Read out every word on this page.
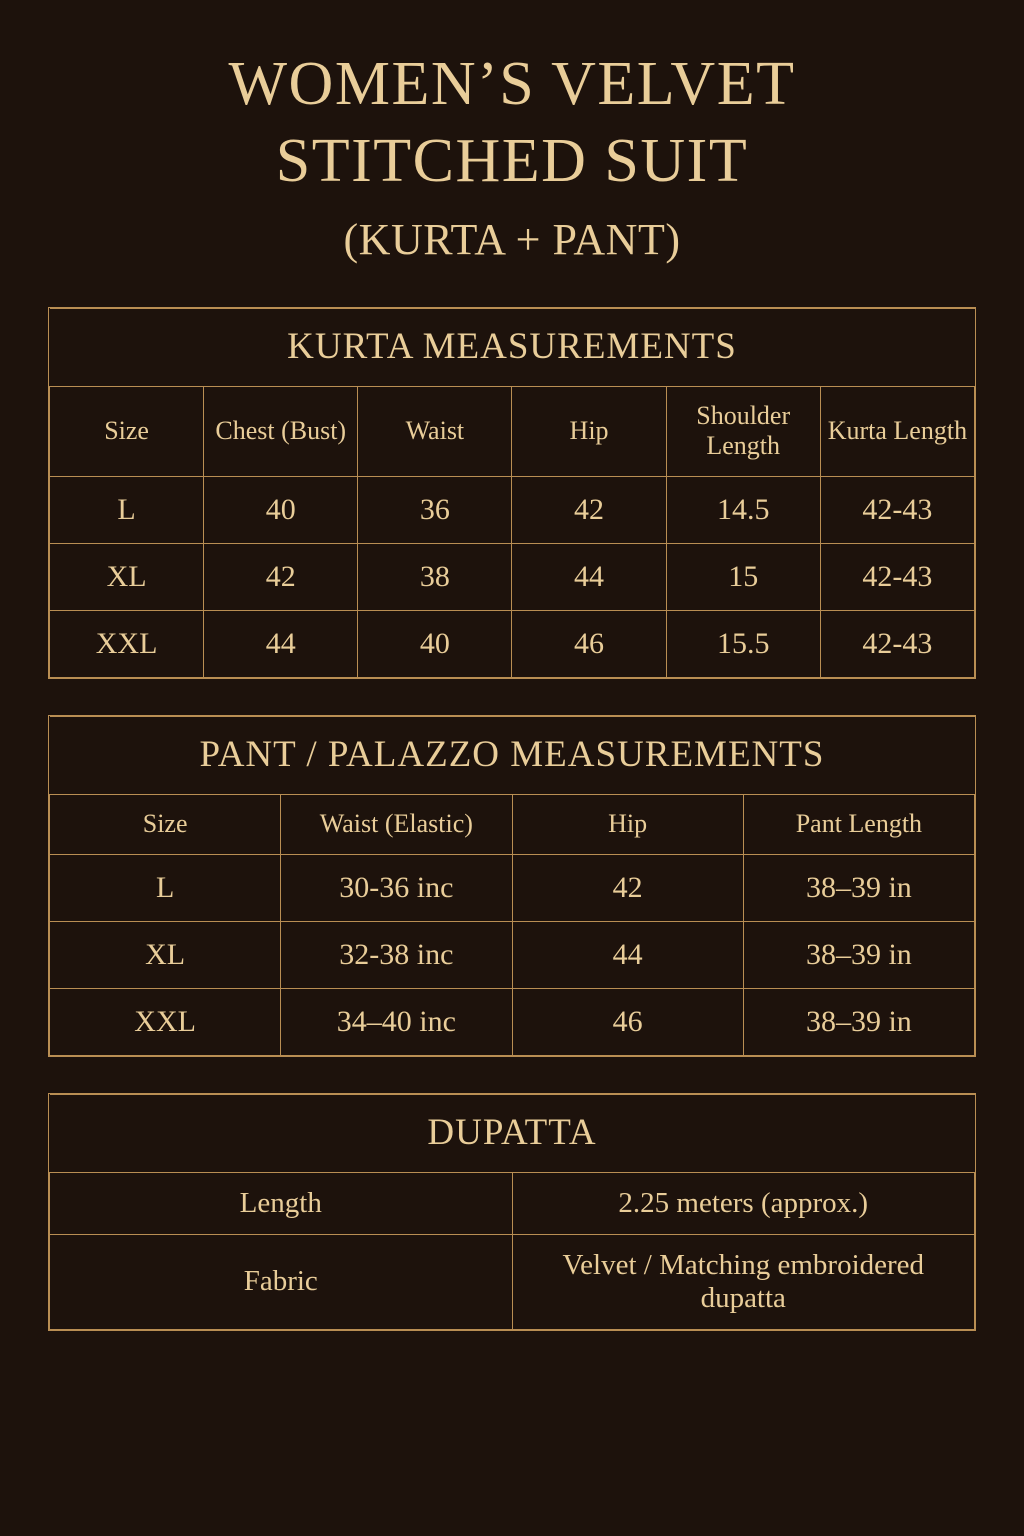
WOMEN’S VELVET
STITCHED SUIT
(KURTA + PANT)
KURTA MEASUREMENTS					
Size	Chest (Bust)	Waist	Hip	Shoulder Length	Kurta Length
L	40	36	42	14.5	42-43
XL	42	38	44	15	42-43
XXL	44	40	46	15.5	42-43
PANT / PALAZZO MEASUREMENTS			
Size	Waist (Elastic)	Hip	Pant Length
L	30-36 inc	42	38–39 in
XL	32-38 inc	44	38–39 in
XXL	34–40 inc	46	38–39 in
DUPATTA	
Length	2.25 meters (approx.)
Fabric	Velvet / Matching embroidered dupatta
